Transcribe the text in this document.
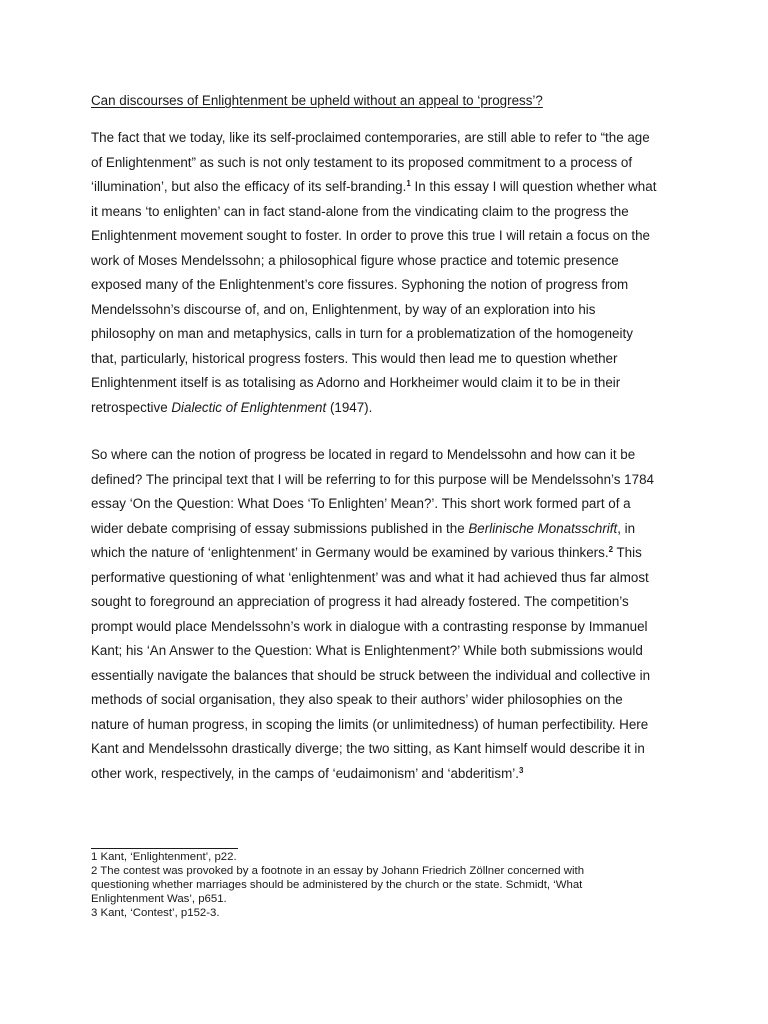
Can discourses of Enlightenment be upheld without an appeal to ‘progress’?
The fact that we today, like its self-proclaimed contemporaries, are still able to refer to “the age
of Enlightenment” as such is not only testament to its proposed commitment to a process of
‘illumination’, but also the efficacy of its self-branding.$^1$ In this essay I will question whether what
it means ‘to enlighten’ can in fact stand-alone from the vindicating claim to the progress the
Enlightenment movement sought to foster. In order to prove this true I will retain a focus on the
work of Moses Mendelssohn; a philosophical figure whose practice and totemic presence
exposed many of the Enlightenment’s core fissures. Syphoning the notion of progress from
Mendelssohn’s discourse of, and on, Enlightenment, by way of an exploration into his
philosophy on man and metaphysics, calls in turn for a problematization of the homogeneity
that, particularly, historical progress fosters. This would then lead me to question whether
Enlightenment itself is as totalising as Adorno and Horkheimer would claim it to be in their
retrospective Dialectic of Enlightenment (1947).
So where can the notion of progress be located in regard to Mendelssohn and how can it be
defined? The principal text that I will be referring to for this purpose will be Mendelssohn’s 1784
essay ‘On the Question: What Does ‘To Enlighten’ Mean?’. This short work formed part of a
wider debate comprising of essay submissions published in the Berlinische Monatsschrift, in
which the nature of ‘enlightenment’ in Germany would be examined by various thinkers.$^2$ This
performative questioning of what ‘enlightenment’ was and what it had achieved thus far almost
sought to foreground an appreciation of progress it had already fostered. The competition’s
prompt would place Mendelssohn’s work in dialogue with a contrasting response by Immanuel
Kant; his ‘An Answer to the Question: What is Enlightenment?’ While both submissions would
essentially navigate the balances that should be struck between the individual and collective in
methods of social organisation, they also speak to their authors’ wider philosophies on the
nature of human progress, in scoping the limits (or unlimitedness) of human perfectibility. Here
Kant and Mendelssohn drastically diverge; the two sitting, as Kant himself would describe it in
other work, respectively, in the camps of ‘eudaimonism’ and ‘abderitism’.$^3$
1 Kant, ‘Enlightenment’, p22.
2 The contest was provoked by a footnote in an essay by Johann Friedrich Zöllner concerned with
questioning whether marriages should be administered by the church or the state. Schmidt, ‘What
Enlightenment Was’, p651.
3 Kant, ‘Contest’, p152-3.
